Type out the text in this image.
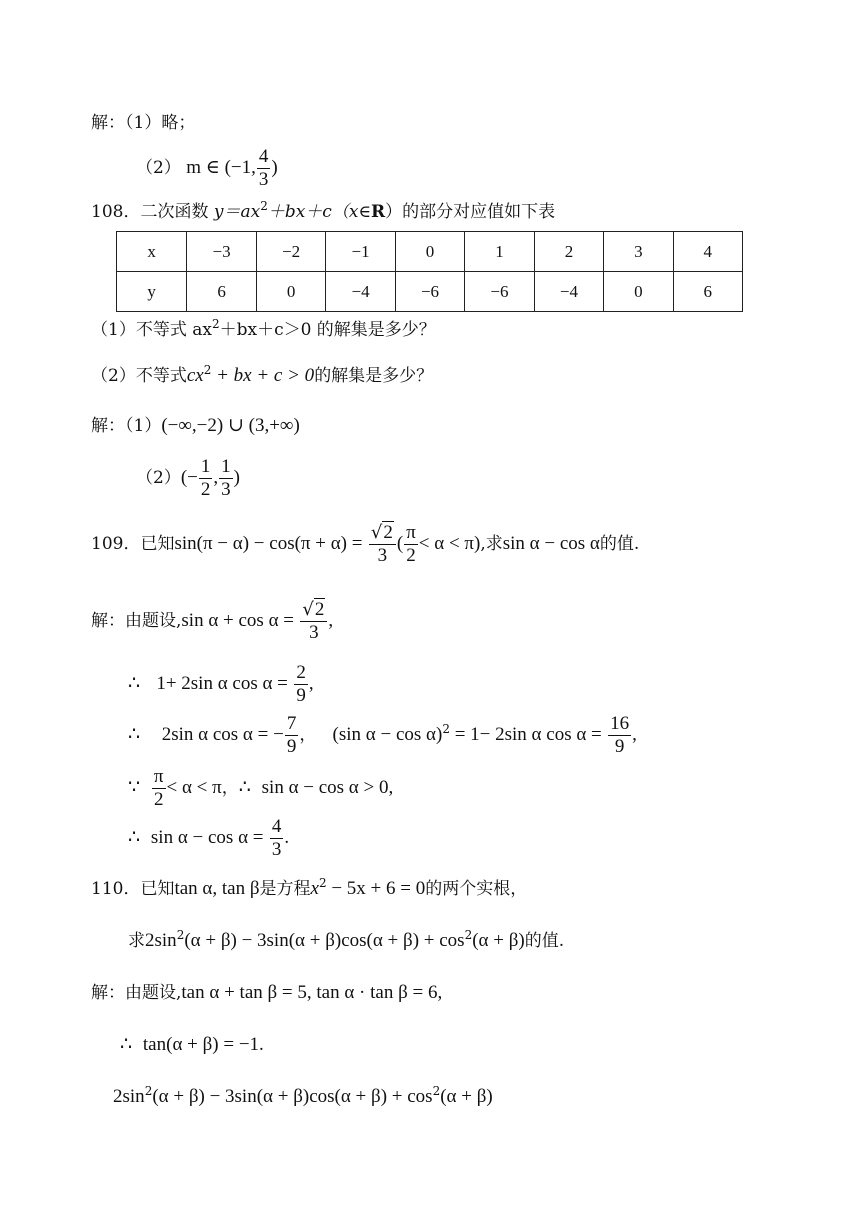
解：（1）略；
（2） m ∈ (−1, $\frac{4}{3}$ )
108．二次函数 $y=ax^2+bx+c(x\in R)$的部分对应值如下表
x	−3	−2	−1	0	1	2	3	4
y	6	0	−4	−6	−6	−4	0	6
（1）不等式 $ax^2+bx+c>0$ 的解集是多少？
（2）不等式$cx^2$ + bx + c > 0的解集是多少？
解：（1）(−∞,−2) ∪ (3,+∞)
$(2)(- \frac{1}{2}$ , $\frac{1}{3}$ )
109．已知$\sin(\pi - \alpha) - \cos(\pi + \alpha) = \frac{√2}{3}$ ( $\frac{\pi}{2} < \alpha < \pi$),求sin α − cos α的值.
解：由题设,sin $\alpha + \cos \alpha = \frac{√2}{3}$ ,
∴ 1+ 2sin α $\cos \alpha = \frac{2}{9}$ ,
∴ 2sin α cos α = − $\frac{7}{9}$ ， (sin α − cos α)$^2$ = 1− 2sin α $\cos \alpha = \frac{16}{9}$ ,
∵ $\frac{\pi}{2} < \alpha < \pi$，∴ sin α − cos α > 0,
∴ $\sin \alpha - \cos \alpha = \frac{4}{3}$ .
110．已知tan α, tan β是方程$x^2 - 5x + 6 = 0$的两个实根，
求$2\sin^2(\alpha + \beta) - 3\sin(\alpha + \beta)\cos(\alpha + \beta) + \cos^2(\alpha + \beta)$的值.
解：由题设,tan α + tan β = 5, tan α · tan β = 6,
∴ tan(α + β) = −1.
$2\sin^2(\alpha + \beta) - 3\sin(\alpha + \beta)\cos(\alpha + \beta) + \cos^2(\alpha + \beta)$
